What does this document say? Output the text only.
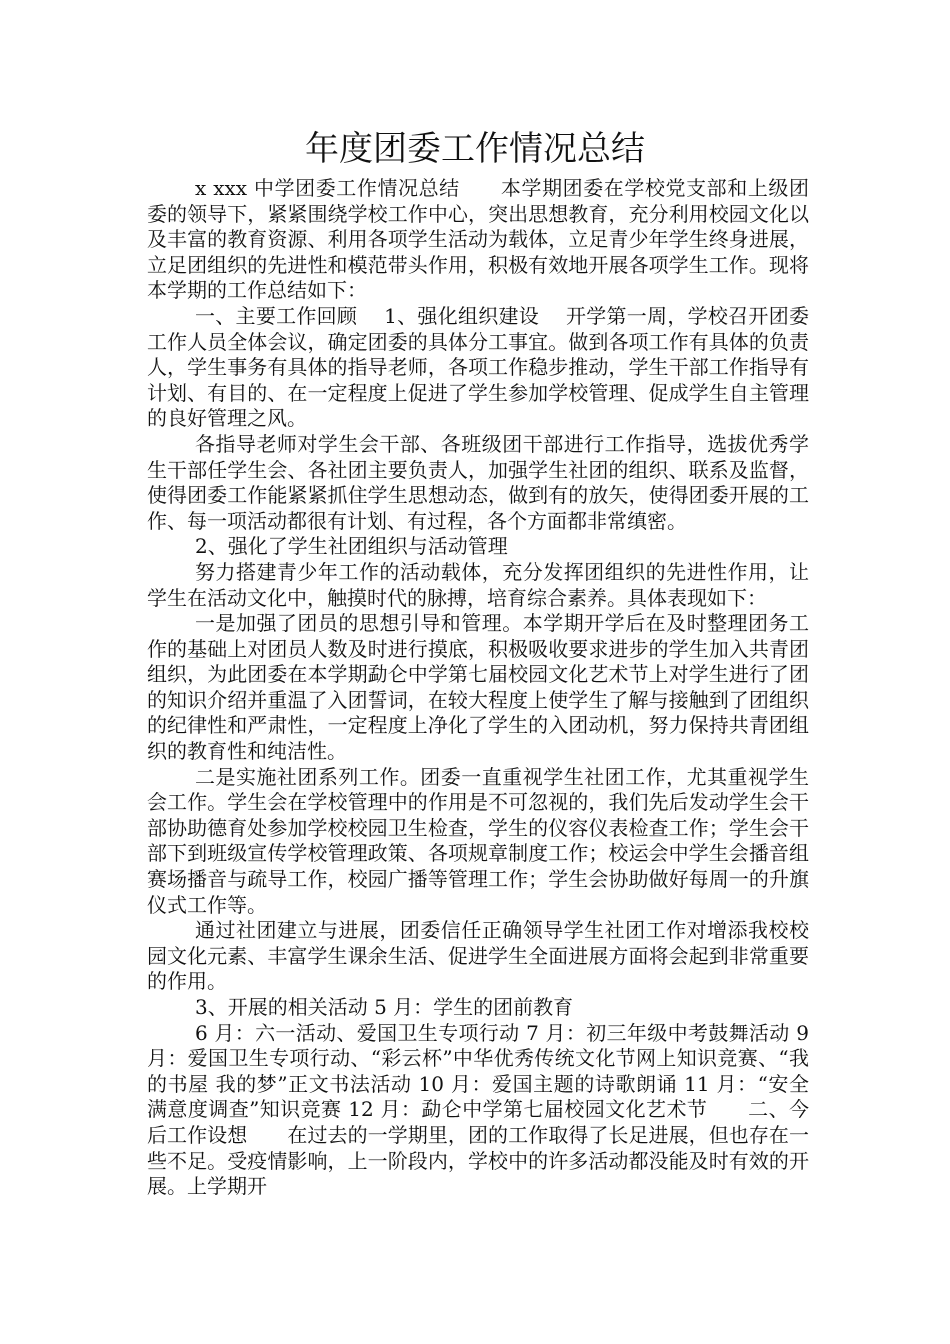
年度团委工作情况总结

x xxx 中学团委工作情况总结　　本学期团委在学校党支部和上级团委的领导下，紧紧围绕学校工作中心，突出思想教育，充分利用校园文化以及丰富的教育资源、利用各项学生活动为载体，立足青少年学生终身进展，立足团组织的先进性和模范带头作用，积极有效地开展各项学生工作。现将本学期的工作总结如下：

一、主要工作回顾　 1、强化组织建设　 开学第一周，学校召开团委工作人员全体会议，确定团委的具体分工事宜。做到各项工作有具体的负责人，学生事务有具体的指导老师，各项工作稳步推动，学生干部工作指导有计划、有目的、在一定程度上促进了学生参加学校管理、促成学生自主管理的良好管理之风。

各指导老师对学生会干部、各班级团干部进行工作指导，选拔优秀学生干部任学生会、各社团主要负责人，加强学生社团的组织、联系及监督，使得团委工作能紧紧抓住学生思想动态，做到有的放矢，使得团委开展的工作、每一项活动都很有计划、有过程，各个方面都非常缜密。

2、强化了学生社团组织与活动管理

努力搭建青少年工作的活动载体，充分发挥团组织的先进性作用，让学生在活动文化中，触摸时代的脉搏，培育综合素养。具体表现如下：

一是加强了团员的思想引导和管理。本学期开学后在及时整理团务工作的基础上对团员人数及时进行摸底，积极吸收要求进步的学生加入共青团组织，为此团委在本学期勐仑中学第七届校园文化艺术节上对学生进行了团的知识介绍并重温了入团誓词，在较大程度上使学生了解与接触到了团组织的纪律性和严肃性，一定程度上净化了学生的入团动机，努力保持共青团组织的教育性和纯洁性。

二是实施社团系列工作。团委一直重视学生社团工作，尤其重视学生会工作。学生会在学校管理中的作用是不可忽视的，我们先后发动学生会干部协助德育处参加学校校园卫生检查，学生的仪容仪表检查工作；学生会干部下到班级宣传学校管理政策、各项规章制度工作；校运会中学生会播音组赛场播音与疏导工作，校园广播等管理工作；学生会协助做好每周一的升旗仪式工作等。

通过社团建立与进展，团委信任正确领导学生社团工作对增添我校校园文化元素、丰富学生课余生活、促进学生全面进展方面将会起到非常重要的作用。

3、开展的相关活动 5 月：学生的团前教育

6 月：六一活动、爱国卫生专项行动 7 月：初三年级中考鼓舞活动 9 月：爱国卫生专项行动、“彩云杯”中华优秀传统文化节网上知识竞赛、“我的书屋 我的梦”正文书法活动 10 月：爱国主题的诗歌朗诵 11 月：“安全满意度调查”知识竞赛 12 月：勐仑中学第七届校园文化艺术节　　二、今后工作设想　　在过去的一学期里，团的工作取得了长足进展，但也存在一些不足。受疫情影响，上一阶段内，学校中的许多活动都没能及时有效的开展。上学期开
